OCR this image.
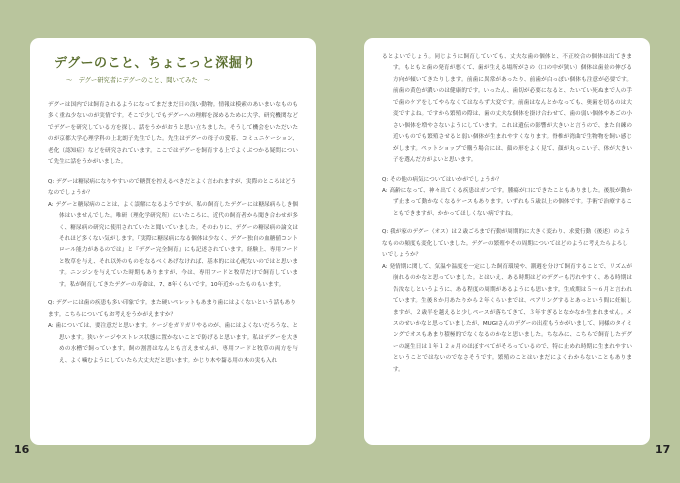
デグーのこと、ちょこっと深掘り
〜　デグー研究者にデグーのこと、聞いてみた　〜

デグーは国内では飼育されるようになってまだまだ日の浅い動物。情報は模索のあいまいなものも多く重ね少ないのが実情です。そこで少しでもデグーへの理解を深めるために大学、研究機関などでデグーを研究している方を探し、話をうかがおうと思い立ちました。そうして機会をいただいたのが京都大学心理学科の上北朗子先生でした。先生はデグーの母子の愛着、コミュニケーション、老化（認知症）などを研究されています。ここではデグーを飼育する上でよくぶつかる疑問について先生に話をうかがいました。

Q: デグーは糖尿病になりやすいので糖質を控えるべきだとよく言われますが、実際のところはどうなのでしょうか？

A: デグーと糖尿病のことは、よく誤解になるようですが、私の飼育したデグーには糖尿病らしき個体はいませんでした。唯研（理化学研究所）にいたころに、近代の飼育者から聞き合わせが多く、糖尿病の研究に使用されていたと聞いていました。そのわりに、デグーの糖尿病の論文はそれほど多くない気がします。『実際に糖尿病になる個体は少なく、デグー独自の血糖値コントロール能力があるのでは』と『デグー完全飼育』にも記述されています。経験上、専用フードと牧草を与え、それ以外のものをなるべくあげなければ、基本的には心配ないのではと思います。ニンジンを与えていた時期もありますが、今は、専用フードと牧草だけで飼育しています。私が飼育してきたデグーの寿命は、7、8年くらいです。10年近かったものもいます。

Q: デグーには歯の疾患も多い印象です。また硬いペレットもあまり歯にはよくないという話もあります。こちらについてもお考えをうかがえますか？

A: 歯については、要注意だと思います。ケージをガリガリやるのが、歯にはよくないだろうな、と思います。狭いケージやストレス状態に置かないことで防げると思います。私はデグーを大きめの水槽で飼っています。飼の割書はなんとも言えませんが、専用フードと牧草の両方を与え、よく噛むようにしていたら大丈夫だと思います。かじり木や齧る用の木の実も入れ

るとよいでしょう。同じように飼育していても、丈夫な歯の個体と、不正咬合の個体は出てきます。もともと歯の発育が悪くて、歯が生える場所がさの（口の中が狭い）個体は歯並の伸びる方向が傾いてきたりします。前歯に異常があったり、前歯が白っぽい個体も注意が必要です。前歯の黄色が濃いのは健康的です。いったん、歯切が必要になると、たいてい死ぬまで人の手で歯のケアをしてやらなくてはならず大変です。前歯はなんとかなっても、奥歯を切るのは大変ですよね。ですから繁殖の際は、歯の丈夫な個体を掛け合わせて、歯の弱い個体やあごの小さい個体を増やさないようにしています。これは遺伝の影響が大きいと言うので、また自練の近いものでも繁殖させると弱い個体が生まれやすくなります。脊椎が湾曲で生物物を飼い感じがします。ペットショップで購う場合には、顔の形をよく見て、顔が丸っこい子、体が大きい子を選んだ方がよいと思います。

Q: その他の病気についてはいかがでしょうか？

A: 高齢になって、神々出てくる疾患はガンです。腫瘍が口にできたこともありました。後肢が動かず止まって動かなくなるケースもあります。いずれも５歳以上の個体です。手術で治療することもできますが、かかってほしくない病ですね。

Q: 我が家のデグー（オス）は２歳ごろまで行動が周期的に大きく変わり、求愛行動（後述）のようなものの頻度も変化していました。デグーの繁殖やその周期についてはどのように考えたらよろしいでしょうか？

A: 発情期に関して、気温や温度を一定にした飼育環境や、潮週を分けて飼育することで、リズムが崩れるのかなと思っていました。とはいえ、ある時期はどのデグーも汚れやすく、ある時期は告汝なしというように、ある程度の周期があるようにも思います。生成期は５～６月と言われています。生後８か月あたりから２年くらいまでは、ペアリングするとあっという間に妊娠しますが、２歳半を越えると少しペースが落ちてきて、３年すぎるとなかなか生まれません。メスのせいかなと思っていましたが、MUGIさんのデグーの出産もうかがいまして、同様のタイミングでオスもあまり積極的でなくなるのかなと思いました。ちなみに、こちらで飼育したデグーの誕生日は１年１２ヵ月のほぼすべてがそろっているので、特に止めれ時期に生まれやすいということではないのでなさそうです。繁殖のことはいまだによくわからないこともあります。

16	17
